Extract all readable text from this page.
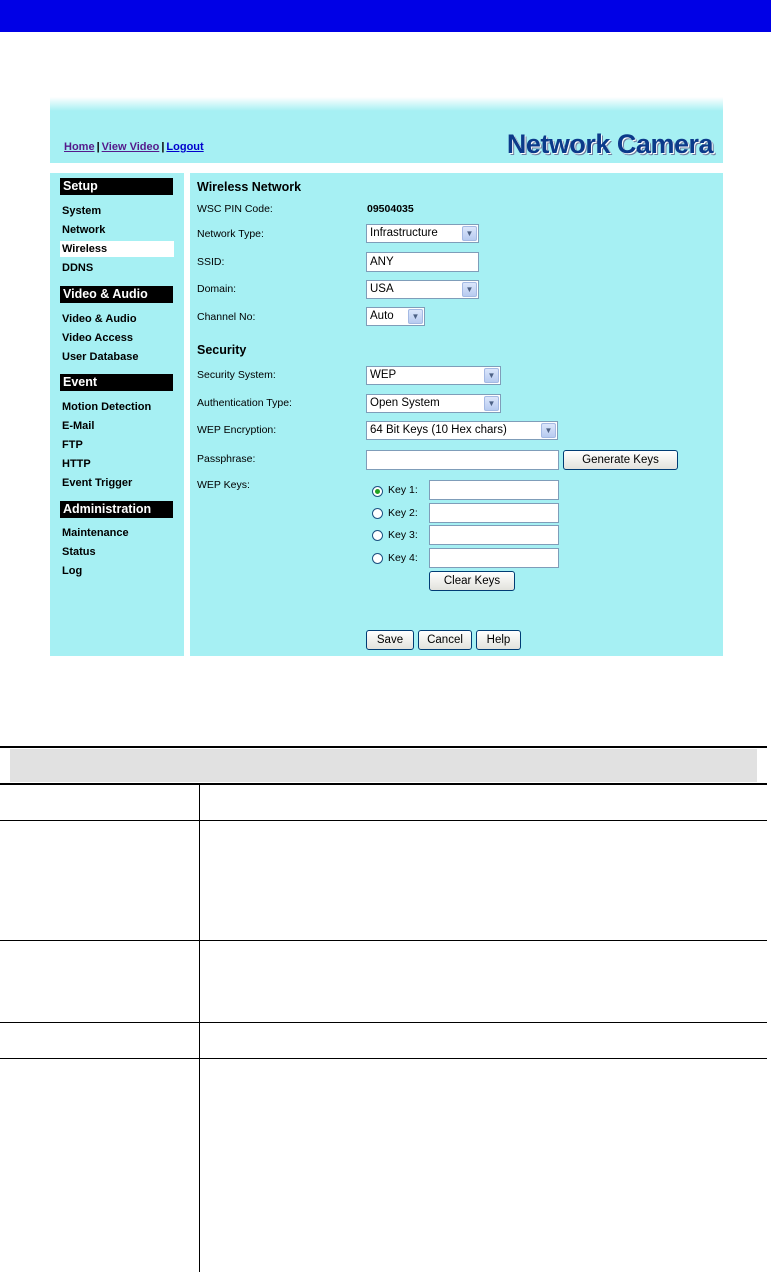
Home | View Video | Logout	Network Camera
Setup
System
Network
Wireless
DDNS
Video & Audio
Video & Audio
Video Access
User Database
Event
Motion Detection
E-Mail
FTP
HTTP
Event Trigger
Administration
Maintenance
Status
Log
Wireless Network
WSC PIN Code:	09504035
Network Type:	Infrastructure	▼
SSID:	ANY
Domain:	USA	▼
Channel No:	Auto	▼
Security
Security System:	WEP	▼
Authentication Type:	Open System	▼
WEP Encryption:	64 Bit Keys (10 Hex chars)	▼
Passphrase:	Generate Keys
WEP Keys:	Key 1:
Key 2:
Key 3:
Key 4:
Clear Keys
Save	Cancel	Help
